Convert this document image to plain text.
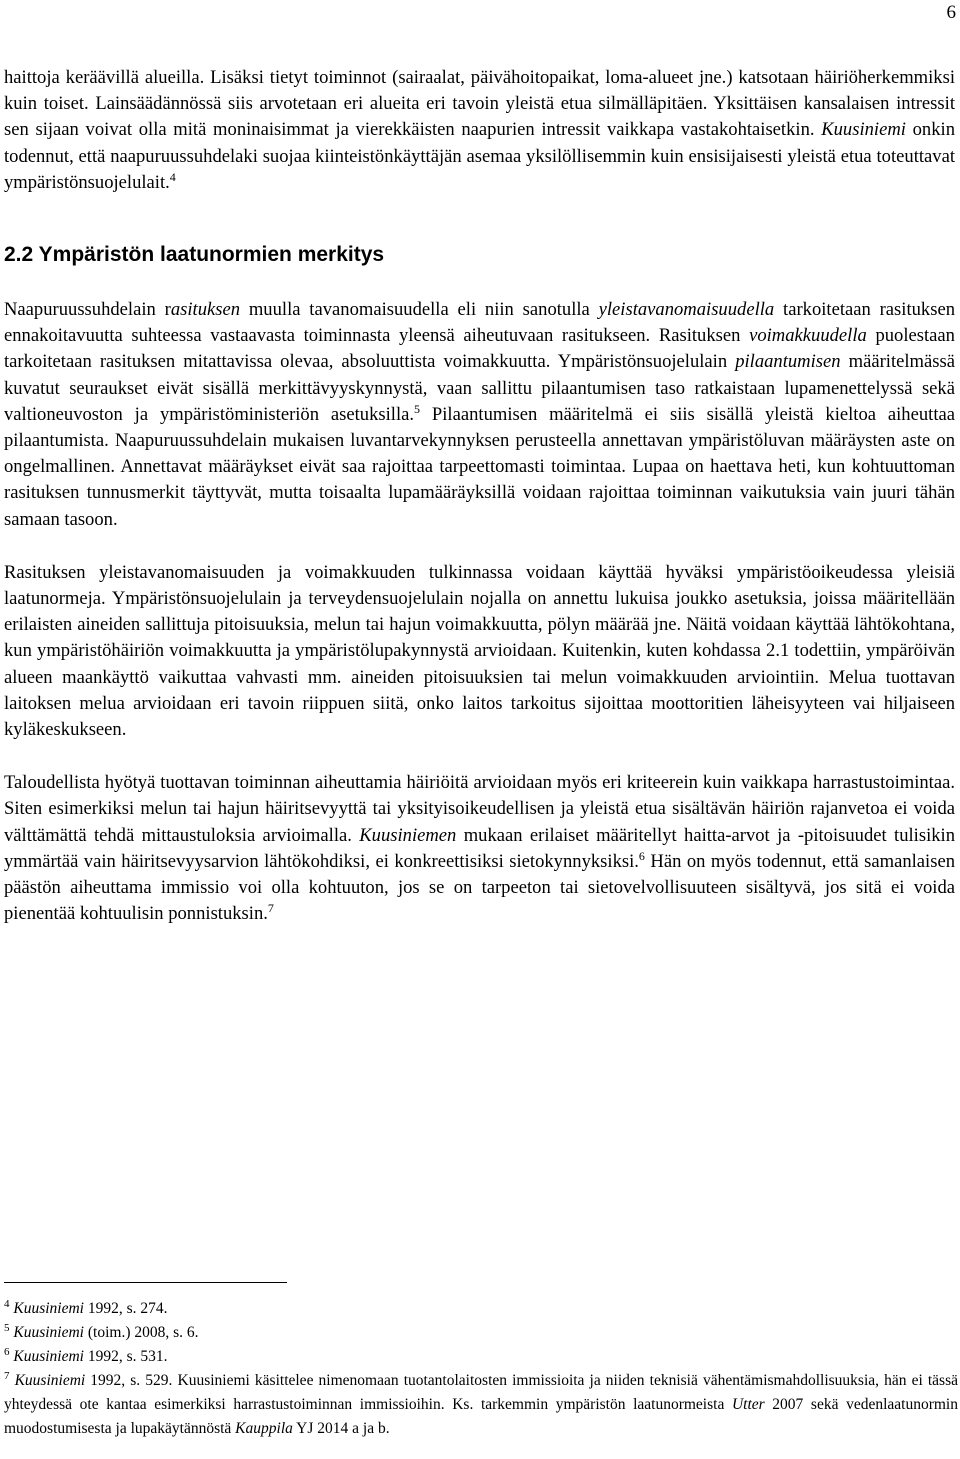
6

haittoja keräävillä alueilla. Lisäksi tietyt toiminnot (sairaalat, päivähoitopaikat, loma-alueet jne.) katsotaan häiriöherkemmiksi kuin toiset. Lainsäädännössä siis arvotetaan eri alueita eri tavoin yleistä etua silmälläpitäen. Yksittäisen kansalaisen intressit sen sijaan voivat olla mitä moninaisimmat ja vierekkäisten naapurien intressit vaikkapa vastakohtaisetkin. Kuusiniemi onkin todennut, että naapuruussuhdelaki suojaa kiinteistönkäyttäjän asemaa yksilöllisemmin kuin ensisijaisesti yleistä etua toteuttavat ympäristönsuojelulait.$^4$

2.2 Ympäristön laatunormien merkitys

Naapuruussuhdelain rasituksen muulla tavanomaisuudella eli niin sanotulla yleistavanomaisuudella tarkoitetaan rasituksen ennakoitavuutta suhteessa vastaavasta toiminnasta yleensä aiheutuvaan rasitukseen. Rasituksen voimakkuudella puolestaan tarkoitetaan rasituksen mitattavissa olevaa, absoluuttista voimakkuutta. Ympäristönsuojelulain pilaantumisen määritelmässä kuvatut seuraukset eivät sisällä merkittävyyskynnystä, vaan sallittu pilaantumisen taso ratkaistaan lupamenettelyssä sekä valtioneuvoston ja ympäristöministeriön asetuksilla.$^5$ Pilaantumisen määritelmä ei siis sisällä yleistä kieltoa aiheuttaa pilaantumista. Naapuruussuhdelain mukaisen luvantarvekynnyksen perusteella annettavan ympäristöluvan määräysten aste on ongelmallinen. Annettavat määräykset eivät saa rajoittaa tarpeettomasti toimintaa. Lupaa on haettava heti, kun kohtuuttoman rasituksen tunnusmerkit täyttyvät, mutta toisaalta lupamääräyksillä voidaan rajoittaa toiminnan vaikutuksia vain juuri tähän samaan tasoon.

Rasituksen yleistavanomaisuuden ja voimakkuuden tulkinnassa voidaan käyttää hyväksi ympäristöoikeudessa yleisiä laatunormeja. Ympäristönsuojelulain ja terveydensuojelulain nojalla on annettu lukuisa joukko asetuksia, joissa määritellään erilaisten aineiden sallittuja pitoisuuksia, melun tai hajun voimakkuutta, pölyn määrää jne. Näitä voidaan käyttää lähtökohtana, kun ympäristöhäiriön voimakkuutta ja ympäristölupakynnystä arvioidaan. Kuitenkin, kuten kohdassa 2.1 todettiin, ympäröivän alueen maankäyttö vaikuttaa vahvasti mm. aineiden pitoisuuksien tai melun voimakkuuden arviointiin. Melua tuottavan laitoksen melua arvioidaan eri tavoin riippuen siitä, onko laitos tarkoitus sijoittaa moottoritien läheisyyteen vai hiljaiseen kyläkeskukseen.

Taloudellista hyötyä tuottavan toiminnan aiheuttamia häiriöitä arvioidaan myös eri kriteerein kuin vaikkapa harrastustoimintaa. Siten esimerkiksi melun tai hajun häiritsevyyttä tai yksityisoikeudellisen ja yleistä etua sisältävän häiriön rajanvetoa ei voida välttämättä tehdä mittaustuloksia arvioimalla. Kuusiniemen mukaan erilaiset määritellyt haitta-arvot ja -pitoisuudet tulisikin ymmärtää vain häiritsevyysarvion lähtökohdiksi, ei konkreettisiksi sietokynnyksiksi.$^6$ Hän on myös todennut, että samanlaisen päästön aiheuttama immissio voi olla kohtuuton, jos se on tarpeeton tai sietovelvollisuuteen sisältyvä, jos sitä ei voida pienentää kohtuulisin ponnistuksin.$^7$

$^4$ Kuusiniemi 1992, s. 274.

$^5$ Kuusiniemi (toim.) 2008, s. 6.

$^6$ Kuusiniemi 1992, s. 531.

$^7$ Kuusiniemi 1992, s. 529. Kuusiniemi käsittelee nimenomaan tuotantolaitosten immissioita ja niiden teknisiä vähentämismahdollisuuksia, hän ei tässä yhteydessä ote kantaa esimerkiksi harrastustoiminnan immissioihin. Ks. tarkemmin ympäristön laatunormeista Utter 2007 sekä vedenlaatunormin muodostumisesta ja lupakäytännöstä Kauppila YJ 2014 a ja b.
